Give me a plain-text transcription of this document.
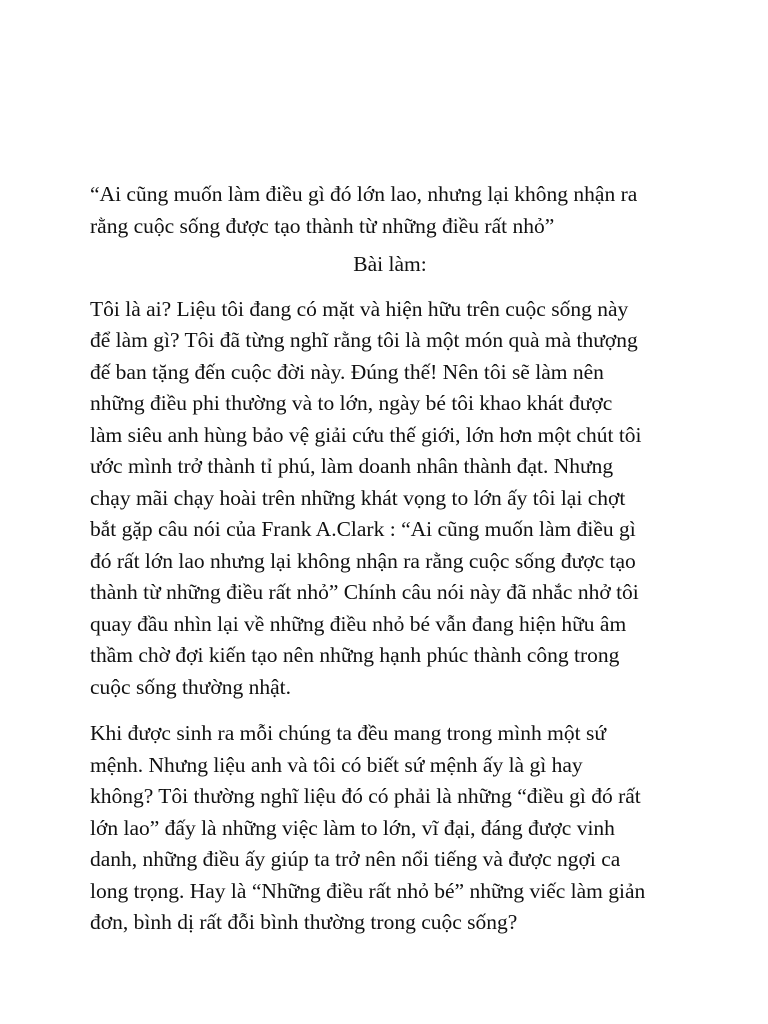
“Ai cũng muốn làm điều gì đó lớn lao, nhưng lại không nhận ra
rằng cuộc sống được tạo thành từ những điều rất nhỏ”

Bài làm:

Tôi là ai? Liệu tôi đang có mặt và hiện hữu trên cuộc sống này
để làm gì? Tôi đã từng nghĩ rằng tôi là một món quà mà thượng
đế ban tặng đến cuộc đời này. Đúng thế! Nên tôi sẽ làm nên
những điều phi thường và to lớn, ngày bé tôi khao khát được
làm siêu anh hùng bảo vệ giải cứu thế giới, lớn hơn một chút tôi
ước mình trở thành tỉ phú, làm doanh nhân thành đạt. Nhưng
chạy mãi chạy hoài trên những khát vọng to lớn ấy tôi lại chợt
bắt gặp câu nói của Frank A.Clark : “Ai cũng muốn làm điều gì
đó rất lớn lao nhưng lại không nhận ra rằng cuộc sống được tạo
thành từ những điều rất nhỏ” Chính câu nói này đã nhắc nhở tôi
quay đầu nhìn lại về những điều nhỏ bé vẫn đang hiện hữu âm
thầm chờ đợi kiến tạo nên những hạnh phúc thành công trong
cuộc sống thường nhật.

Khi được sinh ra mỗi chúng ta đều mang trong mình một sứ
mệnh. Nhưng liệu anh và tôi có biết sứ mệnh ấy là gì hay
không? Tôi thường nghĩ liệu đó có phải là những “điều gì đó rất
lớn lao” đấy là những việc làm to lớn, vĩ đại, đáng được vinh
danh, những điều ấy giúp ta trở nên nổi tiếng và được ngợi ca
long trọng. Hay là “Những điều rất nhỏ bé” những viếc làm giản
đơn, bình dị rất đỗi bình thường trong cuộc sống?
